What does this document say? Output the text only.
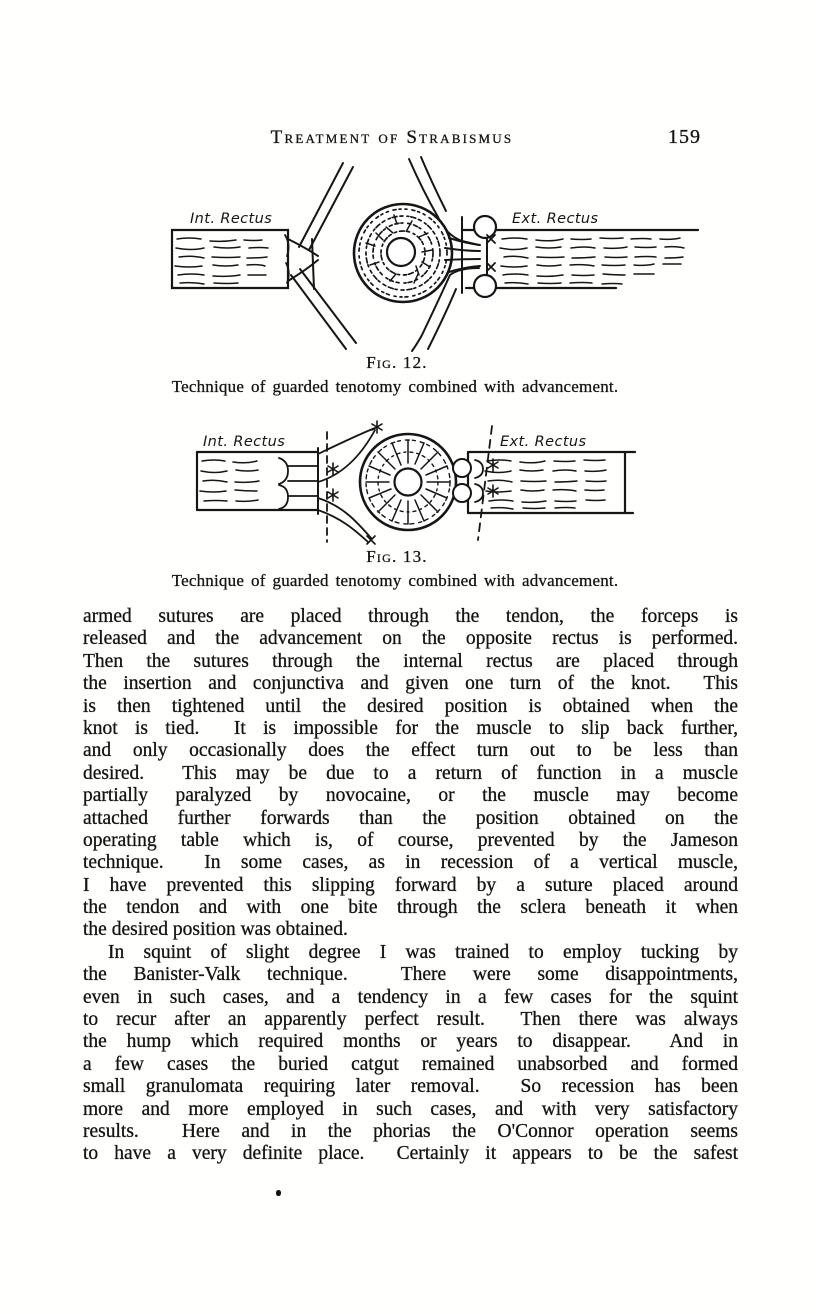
Treatment of Strabismus	159
Int. Rectus	Ext. Rectus
Fig. 12.
Technique of guarded tenotomy combined with advancement.
Int. Rectus	Ext. Rectus
Fig. 13.
Technique of guarded tenotomy combined with advancement.
armed sutures are placed through the tendon, the forceps is
released and the advancement on the opposite rectus is performed.
Then the sutures through the internal rectus are placed through
the insertion and conjunctiva and given one turn of the knot.  This
is then tightened until the desired position is obtained when the
knot is tied.  It is impossible for the muscle to slip back further,
and only occasionally does the effect turn out to be less than
desired.  This may be due to a return of function in a muscle
partially paralyzed by novocaine, or the muscle may become
attached further forwards than the position obtained on the
operating table which is, of course, prevented by the Jameson
technique.  In some cases, as in recession of a vertical muscle,
I have prevented this slipping forward by a suture placed around
the tendon and with one bite through the sclera beneath it when
the desired position was obtained.
In squint of slight degree I was trained to employ tucking by
the Banister-Valk technique.  There were some disappointments,
even in such cases, and a tendency in a few cases for the squint
to recur after an apparently perfect result.  Then there was always
the hump which required months or years to disappear.  And in
a few cases the buried catgut remained unabsorbed and formed
small granulomata requiring later removal.  So recession has been
more and more employed in such cases, and with very satisfactory
results.  Here and in the phorias the O'Connor operation seems
to have a very definite place.  Certainly it appears to be the safest
